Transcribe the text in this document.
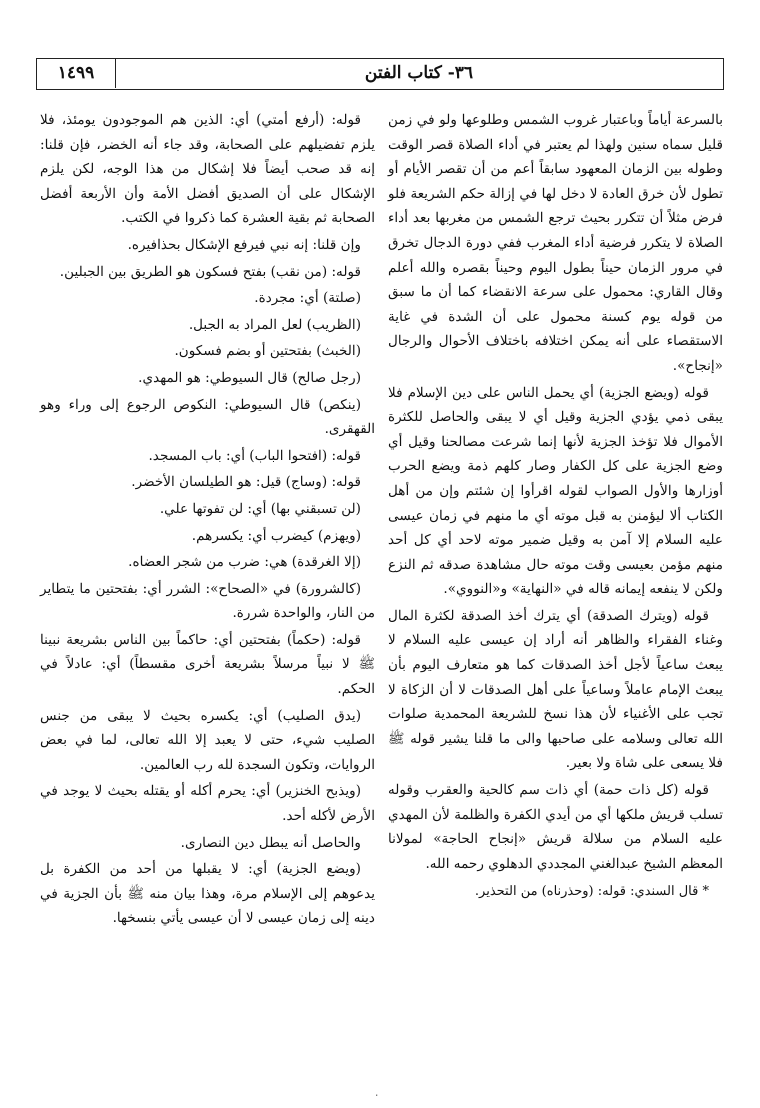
١٤٩٩	٣٦- كتاب الفتن

بالسرعة أياماً وباعتبار غروب الشمس وطلوعها ولو في زمن قليل سماه سنين ولهذا لم يعتبر في أداء الصلاة قصر الوقت وطوله بين الزمان المعهود سابقاً أعم من أن تقصر الأيام أو تطول لأن خرق العادة لا دخل لها في إزالة حكم الشريعة فلو فرض مثلاً أن تتكرر بحيث ترجع الشمس من مغربها بعد أداء الصلاة لا يتكرر فرضية أداء المغرب ففي دورة الدجال تخرق في مرور الزمان حيناً بطول اليوم وحيناً بقصره والله أعلم وقال القاري: محمول على سرعة الانقضاء كما أن ما سبق من قوله يوم كسنة محمول على أن الشدة في غاية الاستقصاء على أنه يمكن اختلافه باختلاف الأحوال والرجال «إنجاح».

قوله (ويضع الجزية) أي يحمل الناس على دين الإسلام فلا يبقى ذمي يؤدي الجزية وقيل أي لا يبقى والحاصل للكثرة الأموال فلا تؤخذ الجزية لأنها إنما شرعت مصالحنا وقيل أي وضع الجزية على كل الكفار وصار كلهم ذمة ويضع الحرب أوزارها والأول الصواب لقوله اقرأوا إن شئتم وإن من أهل الكتاب ألا ليؤمنن به قبل موته أي ما منهم في زمان عيسى عليه السلام إلا آمن به وقيل ضمير موته لاحد أي كل أحد منهم مؤمن بعيسى وقت موته حال مشاهدة صدقه ثم النزع ولكن لا ينفعه إيمانه قاله في «النهاية» و«النووي».

قوله (ويترك الصدقة) أي يترك أخذ الصدقة لكثرة المال وغناء الفقراء والظاهر أنه أراد إن عيسى عليه السلام لا يبعث ساعياً لأجل أخذ الصدقات كما هو متعارف اليوم بأن يبعث الإمام عاملاً وساعياً على أهل الصدقات لا أن الزكاة لا تجب على الأغنياء لأن هذا نسخ للشريعة المحمدية صلوات الله تعالى وسلامه على صاحبها والى ما قلنا يشير قوله ﷺ فلا يسعى على شاة ولا بعير.

قوله (كل ذات حمة) أي ذات سم كالحية والعقرب وقوله تسلب قريش ملكها أي من أيدي الكفرة والظلمة لأن المهدي عليه السلام من سلالة قريش «إنجاح الحاجة» لمولانا المعظم الشيخ عبدالغني المجددي الدهلوي رحمه الله.

* قال السندي: قوله: (وحذرناه) من التحذير.

قوله: (أرفع أمتي) أي: الذين هم الموجودون يومئذ، فلا يلزم تفضيلهم على الصحابة، وقد جاء أنه الخضر، فإن قلنا: إنه قد صحب أيضاً فلا إشكال من هذا الوجه، لكن يلزم الإشكال على أن الصديق أفضل الأمة وأن الأربعة أفضل الصحابة ثم بقية العشرة كما ذكروا في الكتب.

وإن قلنا: إنه نبي فيرفع الإشكال بحذافيره.

قوله: (من نقب) بفتح فسكون هو الطريق بين الجبلين.

(صلتة) أي: مجردة.

(الظريب) لعل المراد به الجبل.

(الخبث) بفتحتين أو بضم فسكون.

(رجل صالح) قال السيوطي: هو المهدي.

(ينكص) قال السيوطي: النكوص الرجوع إلى وراء وهو القهقرى.

قوله: (افتحوا الباب) أي: باب المسجد.

قوله: (وساج) قيل: هو الطيلسان الأخضر.

(لن تسبقني بها) أي: لن تفوتها علي.

(ويهزم) كيضرب أي: يكسرهم.

(إلا الغرقدة) هي: ضرب من شجر العضاه.

(كالشرورة) في «الصحاح»: الشرر أي: بفتحتين ما يتطاير من النار، والواحدة شررة.

قوله: (حكماً) بفتحتين أي: حاكماً بين الناس بشريعة نبينا ﷺ لا نبياً مرسلاً بشريعة أخرى مقسطاً) أي: عادلاً في الحكم.

(يدق الصليب) أي: يكسره بحيث لا يبقى من جنس الصليب شيء، حتى لا يعبد إلا الله تعالى، لما في بعض الروايات، وتكون السجدة لله رب العالمين.

(ويذبح الخنزير) أي: يحرم أكله أو يقتله بحيث لا يوجد في الأرض لأكله أحد.

والحاصل أنه يبطل دين النصارى.

(ويضع الجزية) أي: لا يقبلها من أحد من الكفرة بل يدعوهم إلى الإسلام مرة، وهذا بيان منه ﷺ بأن الجزية في دينه إلى زمان عيسى لا أن عيسى يأتي بنسخها.

٠
